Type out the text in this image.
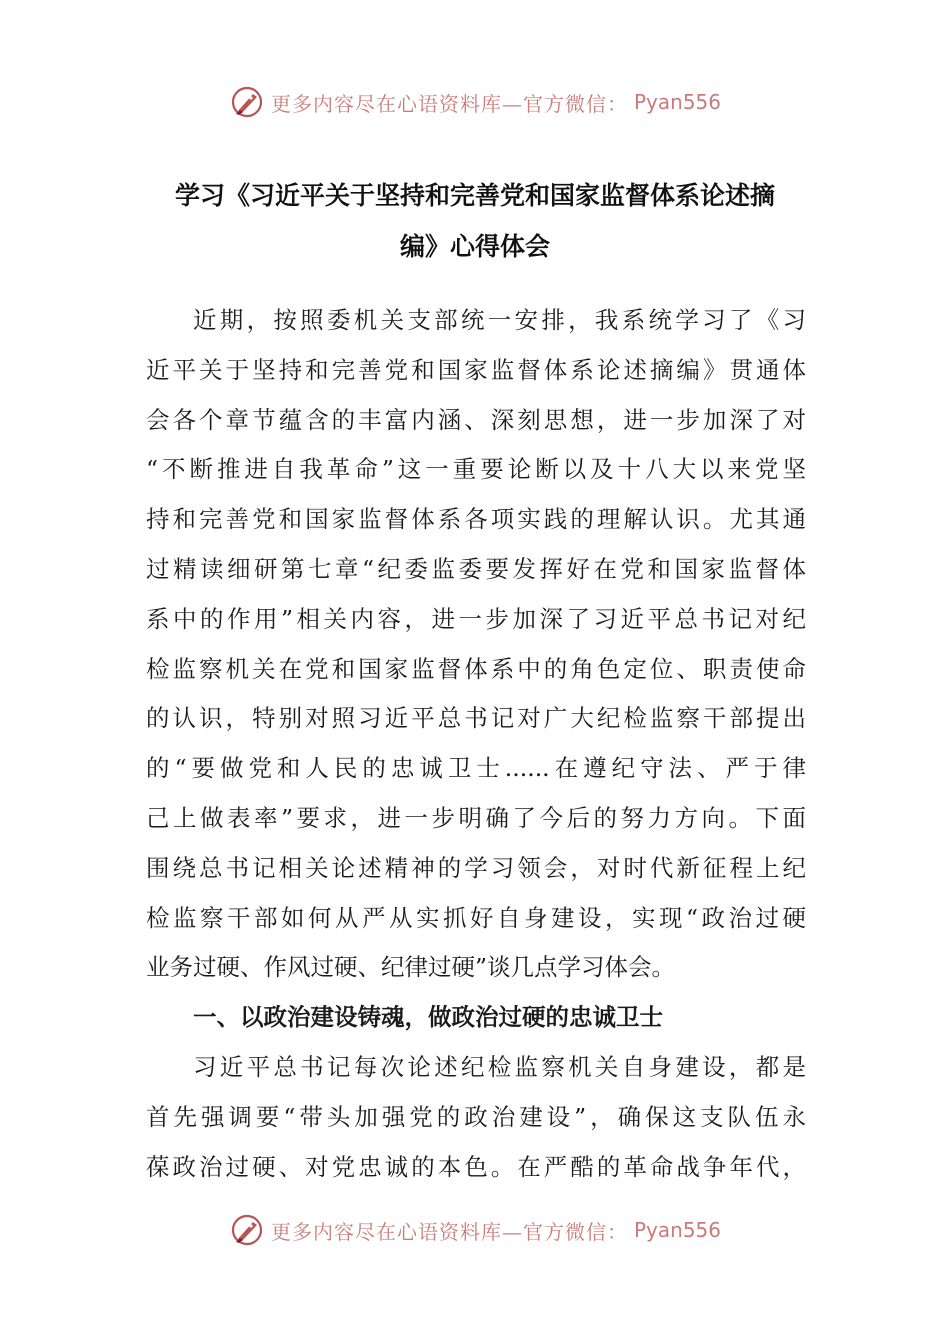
更多内容尽在心语资料库—官方微信： Pyan556
学习《习近平关于坚持和完善党和国家监督体系论述摘
编》心得体会
近期，按照委机关支部统一安排，我系统学习了《习
近平关于坚持和完善党和国家监督体系论述摘编》贯通体
会各个章节蕴含的丰富内涵、深刻思想，进一步加深了对
“不断推进自我革命”这一重要论断以及十八大以来党坚
持和完善党和国家监督体系各项实践的理解认识。尤其通
过精读细研第七章“纪委监委要发挥好在党和国家监督体
系中的作用”相关内容，进一步加深了习近平总书记对纪
检监察机关在党和国家监督体系中的角色定位、职责使命
的认识，特别对照习近平总书记对广大纪检监察干部提出
的“要做党和人民的忠诚卫士......在遵纪守法、严于律
己上做表率”要求，进一步明确了今后的努力方向。下面
围绕总书记相关论述精神的学习领会，对时代新征程上纪
检监察干部如何从严从实抓好自身建设，实现“政治过硬
业务过硬、作风过硬、纪律过硬”谈几点学习体会。
一、以政治建设铸魂，做政治过硬的忠诚卫士
习近平总书记每次论述纪检监察机关自身建设，都是
首先强调要“带头加强党的政治建设”，确保这支队伍永
葆政治过硬、对党忠诚的本色。在严酷的革命战争年代，
更多内容尽在心语资料库—官方微信： Pyan556
